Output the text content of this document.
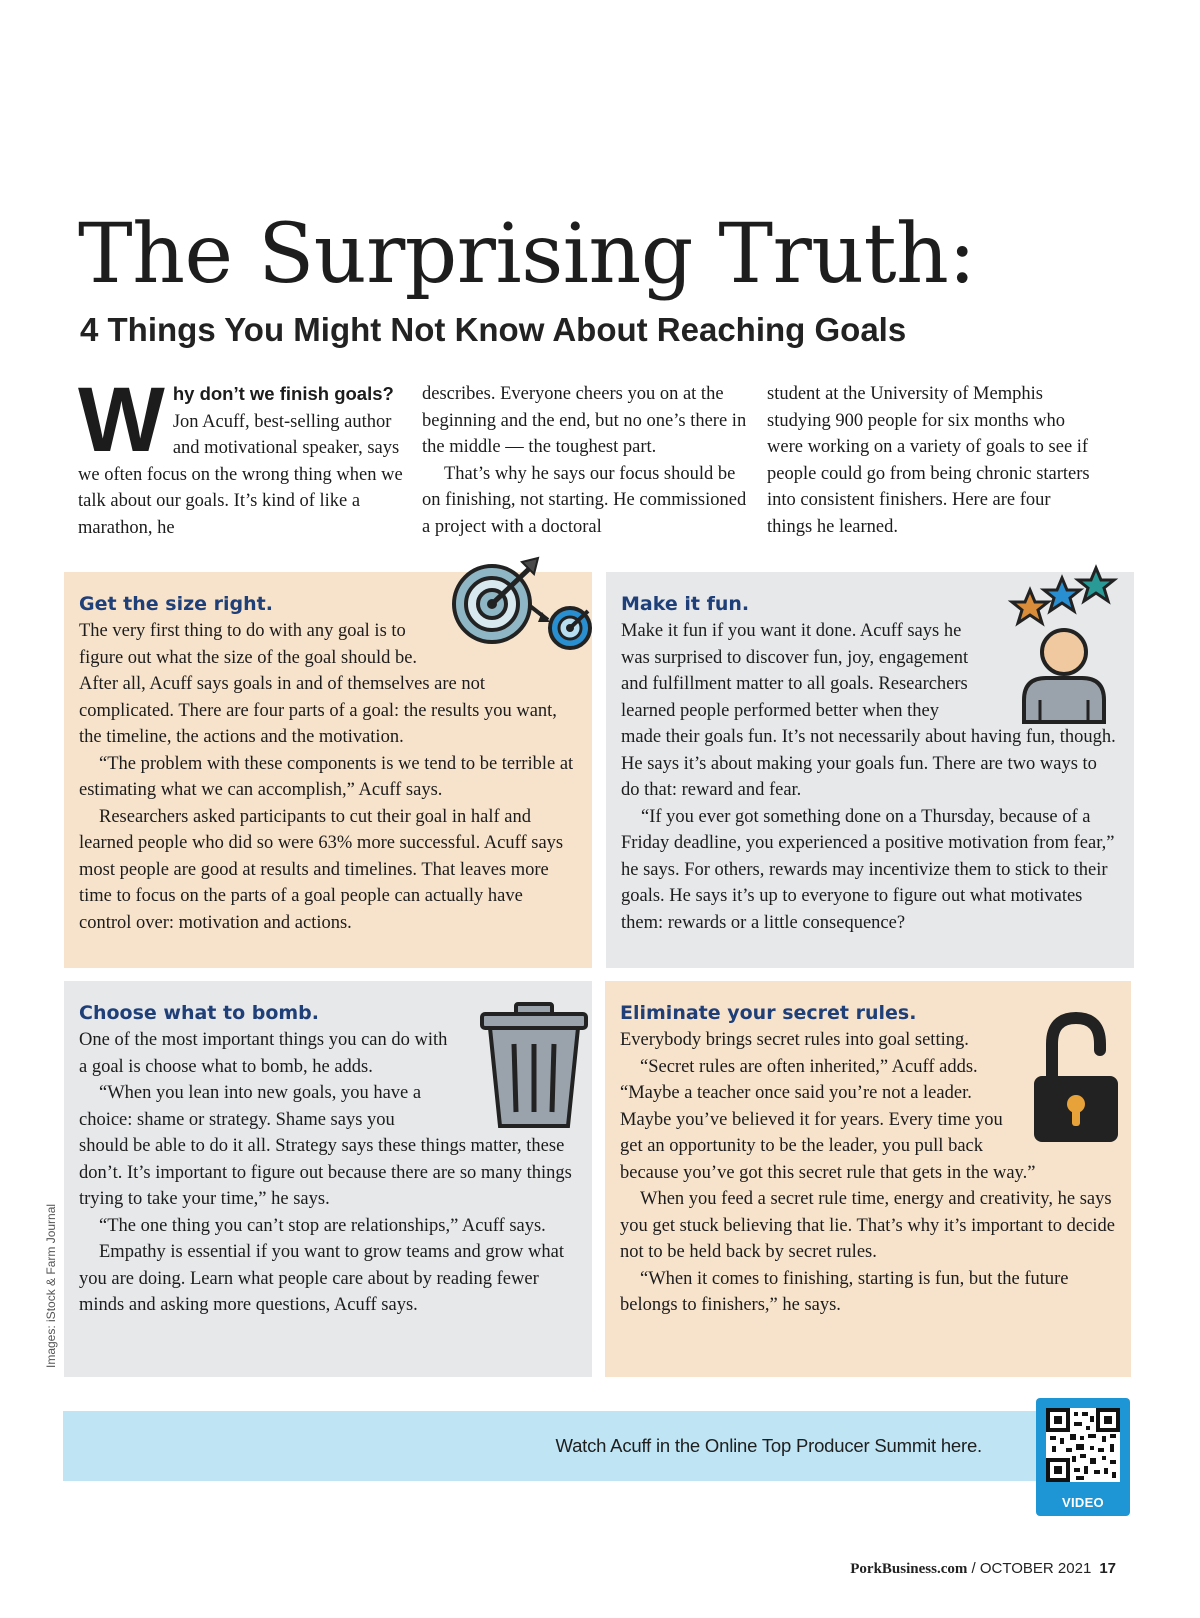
The Surprising Truth:
4 Things You Might Not Know About Reaching Goals

Why don’t we finish goals? Jon Acuff, best-selling author and motivational speaker, says we often focus on the wrong thing when we talk about our goals. It’s kind of like a marathon, he

describes. Everyone cheers you on at the beginning and the end, but no one’s there in the middle — the toughest part.

That’s why he says our focus should be on finishing, not starting. He commissioned a project with a doctoral

student at the University of Memphis studying 900 people for six months who were working on a variety of goals to see if people could go from being chronic starters into consistent finishers. Here are four things he learned.

Get the size right.

The very first thing to do with any goal is to figure out what the size of the goal should be. After all, Acuff says goals in and of themselves are not complicated. There are four parts of a goal: the results you want, the timeline, the actions and the motivation.

“The problem with these components is we tend to be terrible at estimating what we can accomplish,” Acuff says.

Researchers asked participants to cut their goal in half and learned people who did so were 63% more successful. Acuff says most people are good at results and timelines. That leaves more time to focus on the parts of a goal people can actually have control over: motivation and actions.

Make it fun.

Make it fun if you want it done. Acuff says he was surprised to discover fun, joy, engagement and fulfillment matter to all goals. Researchers learned people performed better when they made their goals fun. It’s not necessarily about having fun, though. He says it’s about making your goals fun. There are two ways to do that: reward and fear.

“If you ever got something done on a Thursday, because of a Friday deadline, you experienced a positive motivation from fear,” he says. For others, rewards may incentivize them to stick to their goals. He says it’s up to everyone to figure out what motivates them: rewards or a little consequence?

Choose what to bomb.

One of the most important things you can do with a goal is choose what to bomb, he adds.

“When you lean into new goals, you have a choice: shame or strategy. Shame says you should be able to do it all. Strategy says these things matter, these don’t. It’s important to figure out because there are so many things trying to take your time,” he says.

“The one thing you can’t stop are relationships,” Acuff says.

Empathy is essential if you want to grow teams and grow what you are doing. Learn what people care about by reading fewer minds and asking more questions, Acuff says.

Eliminate your secret rules.

Everybody brings secret rules into goal setting.

“Secret rules are often inherited,” Acuff adds. “Maybe a teacher once said you’re not a leader. Maybe you’ve believed it for years. Every time you get an opportunity to be the leader, you pull back because you’ve got this secret rule that gets in the way.”

When you feed a secret rule time, energy and creativity, he says you get stuck believing that lie. That’s why it’s important to decide not to be held back by secret rules.

“When it comes to finishing, starting is fun, but the future belongs to finishers,” he says.

Watch Acuff in the Online Top Producer Summit here.
VIDEO
Images: iStock & Farm Journal
PorkBusiness.com / OCTOBER 2021 17
